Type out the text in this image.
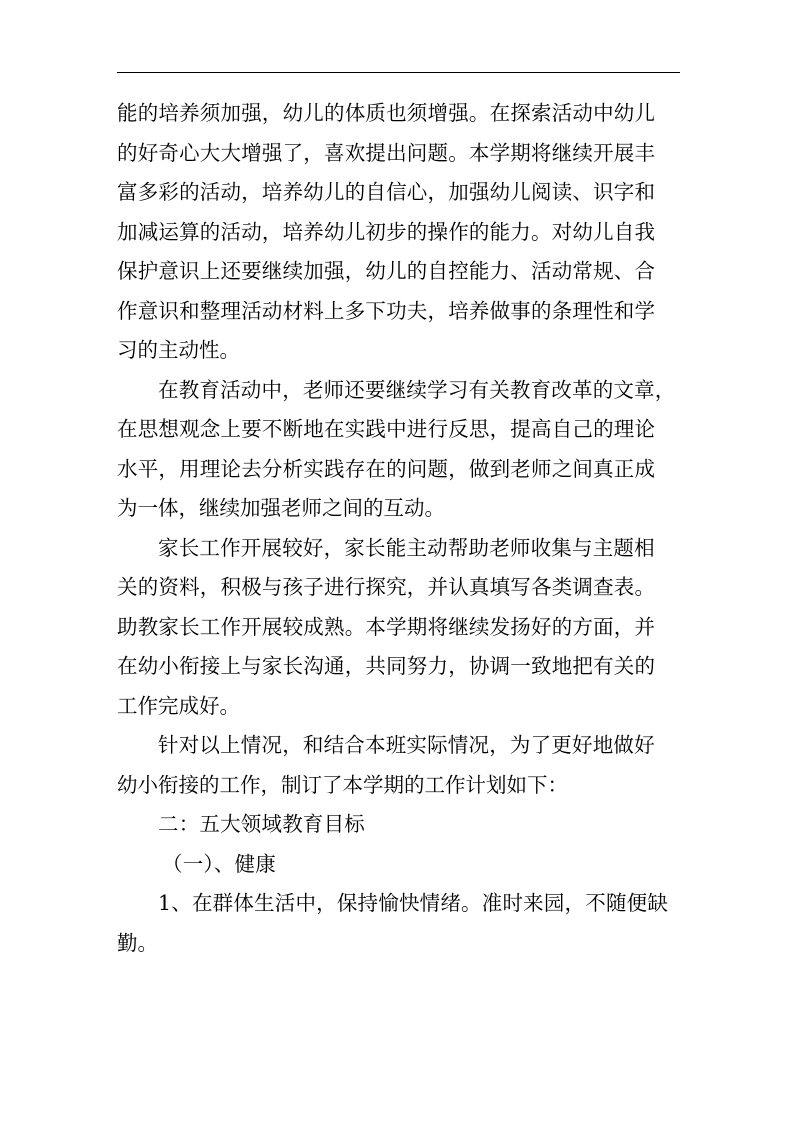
能的培养须加强，幼儿的体质也须增强。在探索活动中幼儿
的好奇心大大增强了，喜欢提出问题。本学期将继续开展丰
富多彩的活动，培养幼儿的自信心，加强幼儿阅读、识字和
加减运算的活动，培养幼儿初步的操作的能力。对幼儿自我
保护意识上还要继续加强，幼儿的自控能力、活动常规、合
作意识和整理活动材料上多下功夫，培养做事的条理性和学
习的主动性。
在教育活动中，老师还要继续学习有关教育改革的文章，
在思想观念上要不断地在实践中进行反思，提高自己的理论
水平，用理论去分析实践存在的问题，做到老师之间真正成
为一体，继续加强老师之间的互动。
家长工作开展较好，家长能主动帮助老师收集与主题相
关的资料，积极与孩子进行探究，并认真填写各类调查表。
助教家长工作开展较成熟。本学期将继续发扬好的方面，并
在幼小衔接上与家长沟通，共同努力，协调一致地把有关的
工作完成好。
针对以上情况，和结合本班实际情况，为了更好地做好
幼小衔接的工作，制订了本学期的工作计划如下：
二：五大领域教育目标
（一）、健康
1、在群体生活中，保持愉快情绪。准时来园，不随便缺
勤。
